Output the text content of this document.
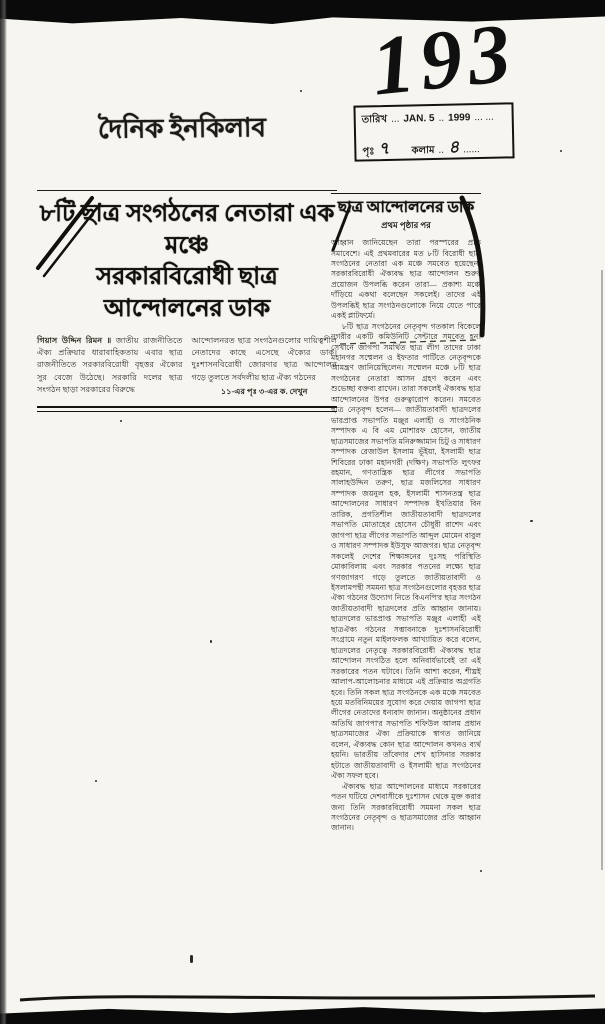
193
দৈনিক ইনকিলাব	তারিখ ... JAN. 5 .. 1999 ... ...
পৃঃ ৭ কলাম .. ৪ ......
৮টি ছাত্র সংগঠনের নেতারা এক মঞ্চে
সরকারবিরোধী ছাত্র আন্দোলনের ডাক
গিয়াস উদ্দিন রিমন ॥ জাতীয় রাজনীতিতে ঐক্য প্রক্রিয়ার ধারাবাহিকতায় এবার ছাত্র রাজনীতিতে সরকারবিরোধী বৃহত্তর ঐক্যের সুর বেজে উঠেছে। সরকারি দলের ছাত্র সংগঠন ছাড়া সরকারের বিরুদ্ধে
আন্দোলনরত ছাত্র সংগঠনগুলোর দায়িত্বশীল নেতাদের কাছে এসেছে ঐক্যের ডাক। দুঃশাসনবিরোধী জোরদার ছাত্র আন্দোলন গড়ে তুলতে সর্বদলীয় ছাত্র ঐক্য গঠনের
১১-এর পৃঃ ৩-এর ক. দেখুন
ছাত্র আন্দোলনের ডাক
প্রথম পৃষ্ঠার পর

আহ্বান জানিয়েছেন তারা পরস্পরের প্রতি সমাবেশে। এই প্রথমবারের মত ৮টি বিরোধী ছাত্র সংগঠনের নেতারা এক মঞ্চে সমবেত হয়েছেন। সরকারবিরোধী ঐক্যবদ্ধ ছাত্র আন্দোলন শুরুর প্রয়োজন উপলব্ধি করেন তারা— প্রকাশ্য মঞ্চে দাঁড়িয়ে একথা বলেছেন সকলেই। তাদের এই উপলব্ধিই ছাত্র সংগঠনগুলোকে নিয়ে যেতে পারে একই প্লাটফর্মে।

৮টি ছাত্র সংগঠনের নেতৃবৃন্দ গতকাল বিকেলে নগরীর একটি কমিউনিটি সেন্টারে সমবেত হন। সেখানে জাগপা সমর্থিত ছাত্র লীগ তাদের ঢাকা মহানগর সম্মেলন ও ইফতার পার্টিতে নেতৃবৃন্দকে আমন্ত্রণ জানিয়েছিলেন। সম্মেলন মঞ্চে ৮টি ছাত্র সংগঠনের নেতারা আসন গ্রহণ করেন এবং শুভেচ্ছা বক্তব্য রাখেন। তারা সকলেই ঐক্যবদ্ধ ছাত্র আন্দোলনের উপর গুরুত্বারোপ করেন। সমবেত ছাত্র নেতৃবৃন্দ হলেন— জাতীয়তাবাদী ছাত্রদলের ভারপ্রাপ্ত সভাপতি মঞ্জুর এলাহী ও সাংগঠনিক সম্পাদক এ বি এম মোশারফ হোসেন, জাতীয় ছাত্রসমাজের সভাপতি মনিরুজ্জামান চিটু ও সাধারণ সম্পাদক রেজাউল ইসলাম ভূঁইয়া, ইসলামী ছাত্র শিবিরের ঢাকা মহানগরী (দক্ষিণ) সভাপতি লুৎফর রহমান, গণতান্ত্রিক ছাত্র লীগের সভাপতি সালাহউদ্দিন তরুণ, ছাত্র মজলিসের সাধারণ সম্পাদক জয়নুল হক, ইসলামী শাসনতন্ত্র ছাত্র আন্দোলনের সাধারণ সম্পাদক ইখতিয়ার বিন তারিক, প্রগতিশীল জাতীয়তাবাদী ছাত্রদলের সভাপতি মোতাহের হোসেন চৌধুরী রাশেদ এবং জাগপা ছাত্র লীগের সভাপতি আব্দুল মোমেন বাবুল ও সাধারণ সম্পাদক ইউসুফ আজগর। ছাত্র নেতৃবৃন্দ সকলেই দেশের শিক্ষাঙ্গনের দুঃসহ পরিস্থিতি মোকাবিলায় এবং সরকার পতনের লক্ষ্যে ছাত্র গণজাগরণ গড়ে তুলতে জাতীয়তাবাদী ও ইসলামপন্থী সমমনা ছাত্র সংগঠনগুলোর বৃহত্তর ছাত্র ঐক্য গঠনের উদ্যোগ নিতে বিএনপি'র ছাত্র সংগঠন জাতীয়তাবাদী ছাত্রদলের প্রতি আহ্বান জানায়। ছাত্রদলের ভারপ্রাপ্ত সভাপতি মঞ্জুর এলাহী এই ছাত্রঐক্য গঠনের সম্ভাবনাকে দুঃশাসনবিরোধী সংগ্রামে নতুন মাইলফলক আখ্যায়িত করে বলেন, ছাত্রদলের নেতৃত্বে সরকারবিরোধী ঐক্যবদ্ধ ছাত্র আন্দোলন সংগঠিত হলে অনিবার্যভাবেই তা এই সরকারের পতন ঘটাবে। তিনি আশা করেন, শীঘ্রই আলাপ-আলোচনার মাধ্যমে এই প্রক্রিয়ার অগ্রগতি হবে। তিনি সকল ছাত্র সংগঠনকে এক মঞ্চে সমবেত হয়ে মতবিনিময়ের সুযোগ করে দেয়ায় জাগপা ছাত্র লীগের নেতাদের ধন্যবাদ জানান। অনুষ্ঠানের প্রধান অতিথি জাগপা'র সভাপতি শফিউল আলম প্রধান ছাত্রসমাজের ঐক্য প্রক্রিয়াকে স্বাগত জানিয়ে বলেন, ঐক্যবদ্ধ কোন ছাত্র আন্দোলন কখনও ব্যর্থ হয়নি। ভারতীয় তাঁবেদার শেখ হাসিনার সরকার হটাতে জাতীয়তাবাদী ও ইসলামী ছাত্র সংগঠনের ঐক্য সফল হবে।

ঐক্যবদ্ধ ছাত্র আন্দোলনের মাধ্যমে সরকারের পতন ঘটিয়ে দেশবাসীকে দুঃশাসন থেকে মুক্ত করার জন্য তিনি সরকারবিরোধী সমমনা সকল ছাত্র সংগঠনের নেতৃবৃন্দ ও ছাত্রসমাজের প্রতি আহ্বান জানান।
